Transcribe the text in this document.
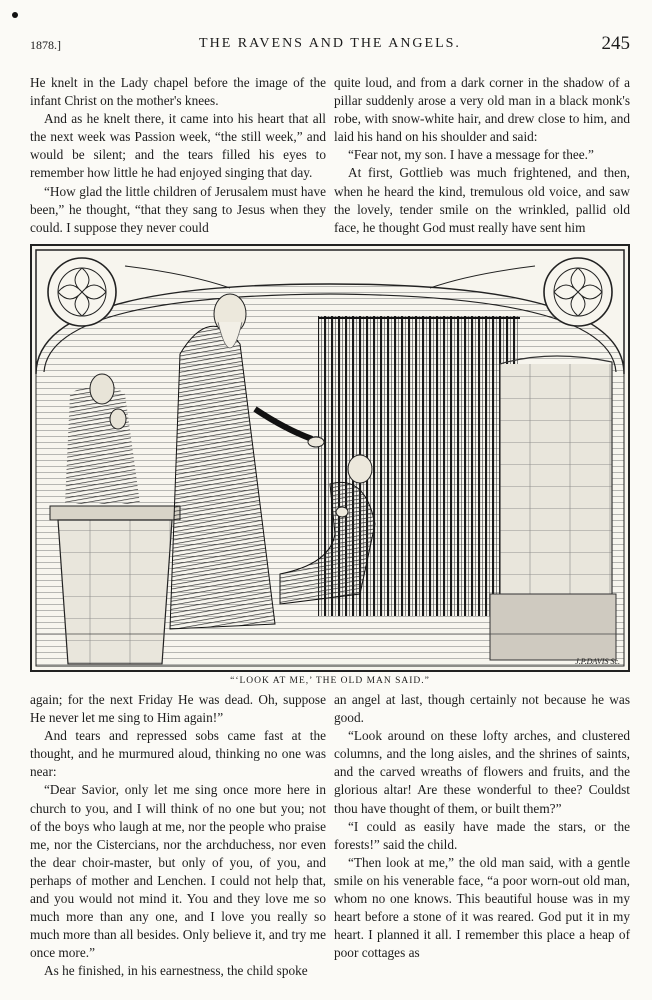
1878.]	THE RAVENS AND THE ANGELS.	245

He knelt in the Lady chapel before the image of the infant Christ on the mother's knees.

And as he knelt there, it came into his heart that all the next week was Passion week, “the still week,” and would be silent; and the tears filled his eyes to remember how little he had enjoyed singing that day.

“How glad the little children of Jerusalem must have been,” he thought, “that they sang to Jesus when they could. I suppose they never could

quite loud, and from a dark corner in the shadow of a pillar suddenly arose a very old man in a black monk's robe, with snow-white hair, and drew close to him, and laid his hand on his shoulder and said:

“Fear not, my son. I have a message for thee.”

At first, Gottlieb was much frightened, and then, when he heard the kind, tremulous old voice, and saw the lovely, tender smile on the wrinkled, pallid old face, he thought God must really have sent him

J.P.DAVIS Sc.
“‘LOOK AT ME,’ THE OLD MAN SAID.”

again; for the next Friday He was dead. Oh, suppose He never let me sing to Him again!”

And tears and repressed sobs came fast at the thought, and he murmured aloud, thinking no one was near:

“Dear Savior, only let me sing once more here in church to you, and I will think of no one but you; not of the boys who laugh at me, nor the people who praise me, nor the Cistercians, nor the archduchess, nor even the dear choir-master, but only of you, of you, and perhaps of mother and Lenchen. I could not help that, and you would not mind it. You and they love me so much more than any one, and I love you really so much more than all besides. Only believe it, and try me once more.”

As he finished, in his earnestness, the child spoke

an angel at last, though certainly not because he was good.

“Look around on these lofty arches, and clustered columns, and the long aisles, and the shrines of saints, and the carved wreaths of flowers and fruits, and the glorious altar! Are these wonderful to thee? Couldst thou have thought of them, or built them?”

“I could as easily have made the stars, or the forests!” said the child.

“Then look at me,” the old man said, with a gentle smile on his venerable face, “a poor worn-out old man, whom no one knows. This beautiful house was in my heart before a stone of it was reared. God put it in my heart. I planned it all. I remember this place a heap of poor cottages as
